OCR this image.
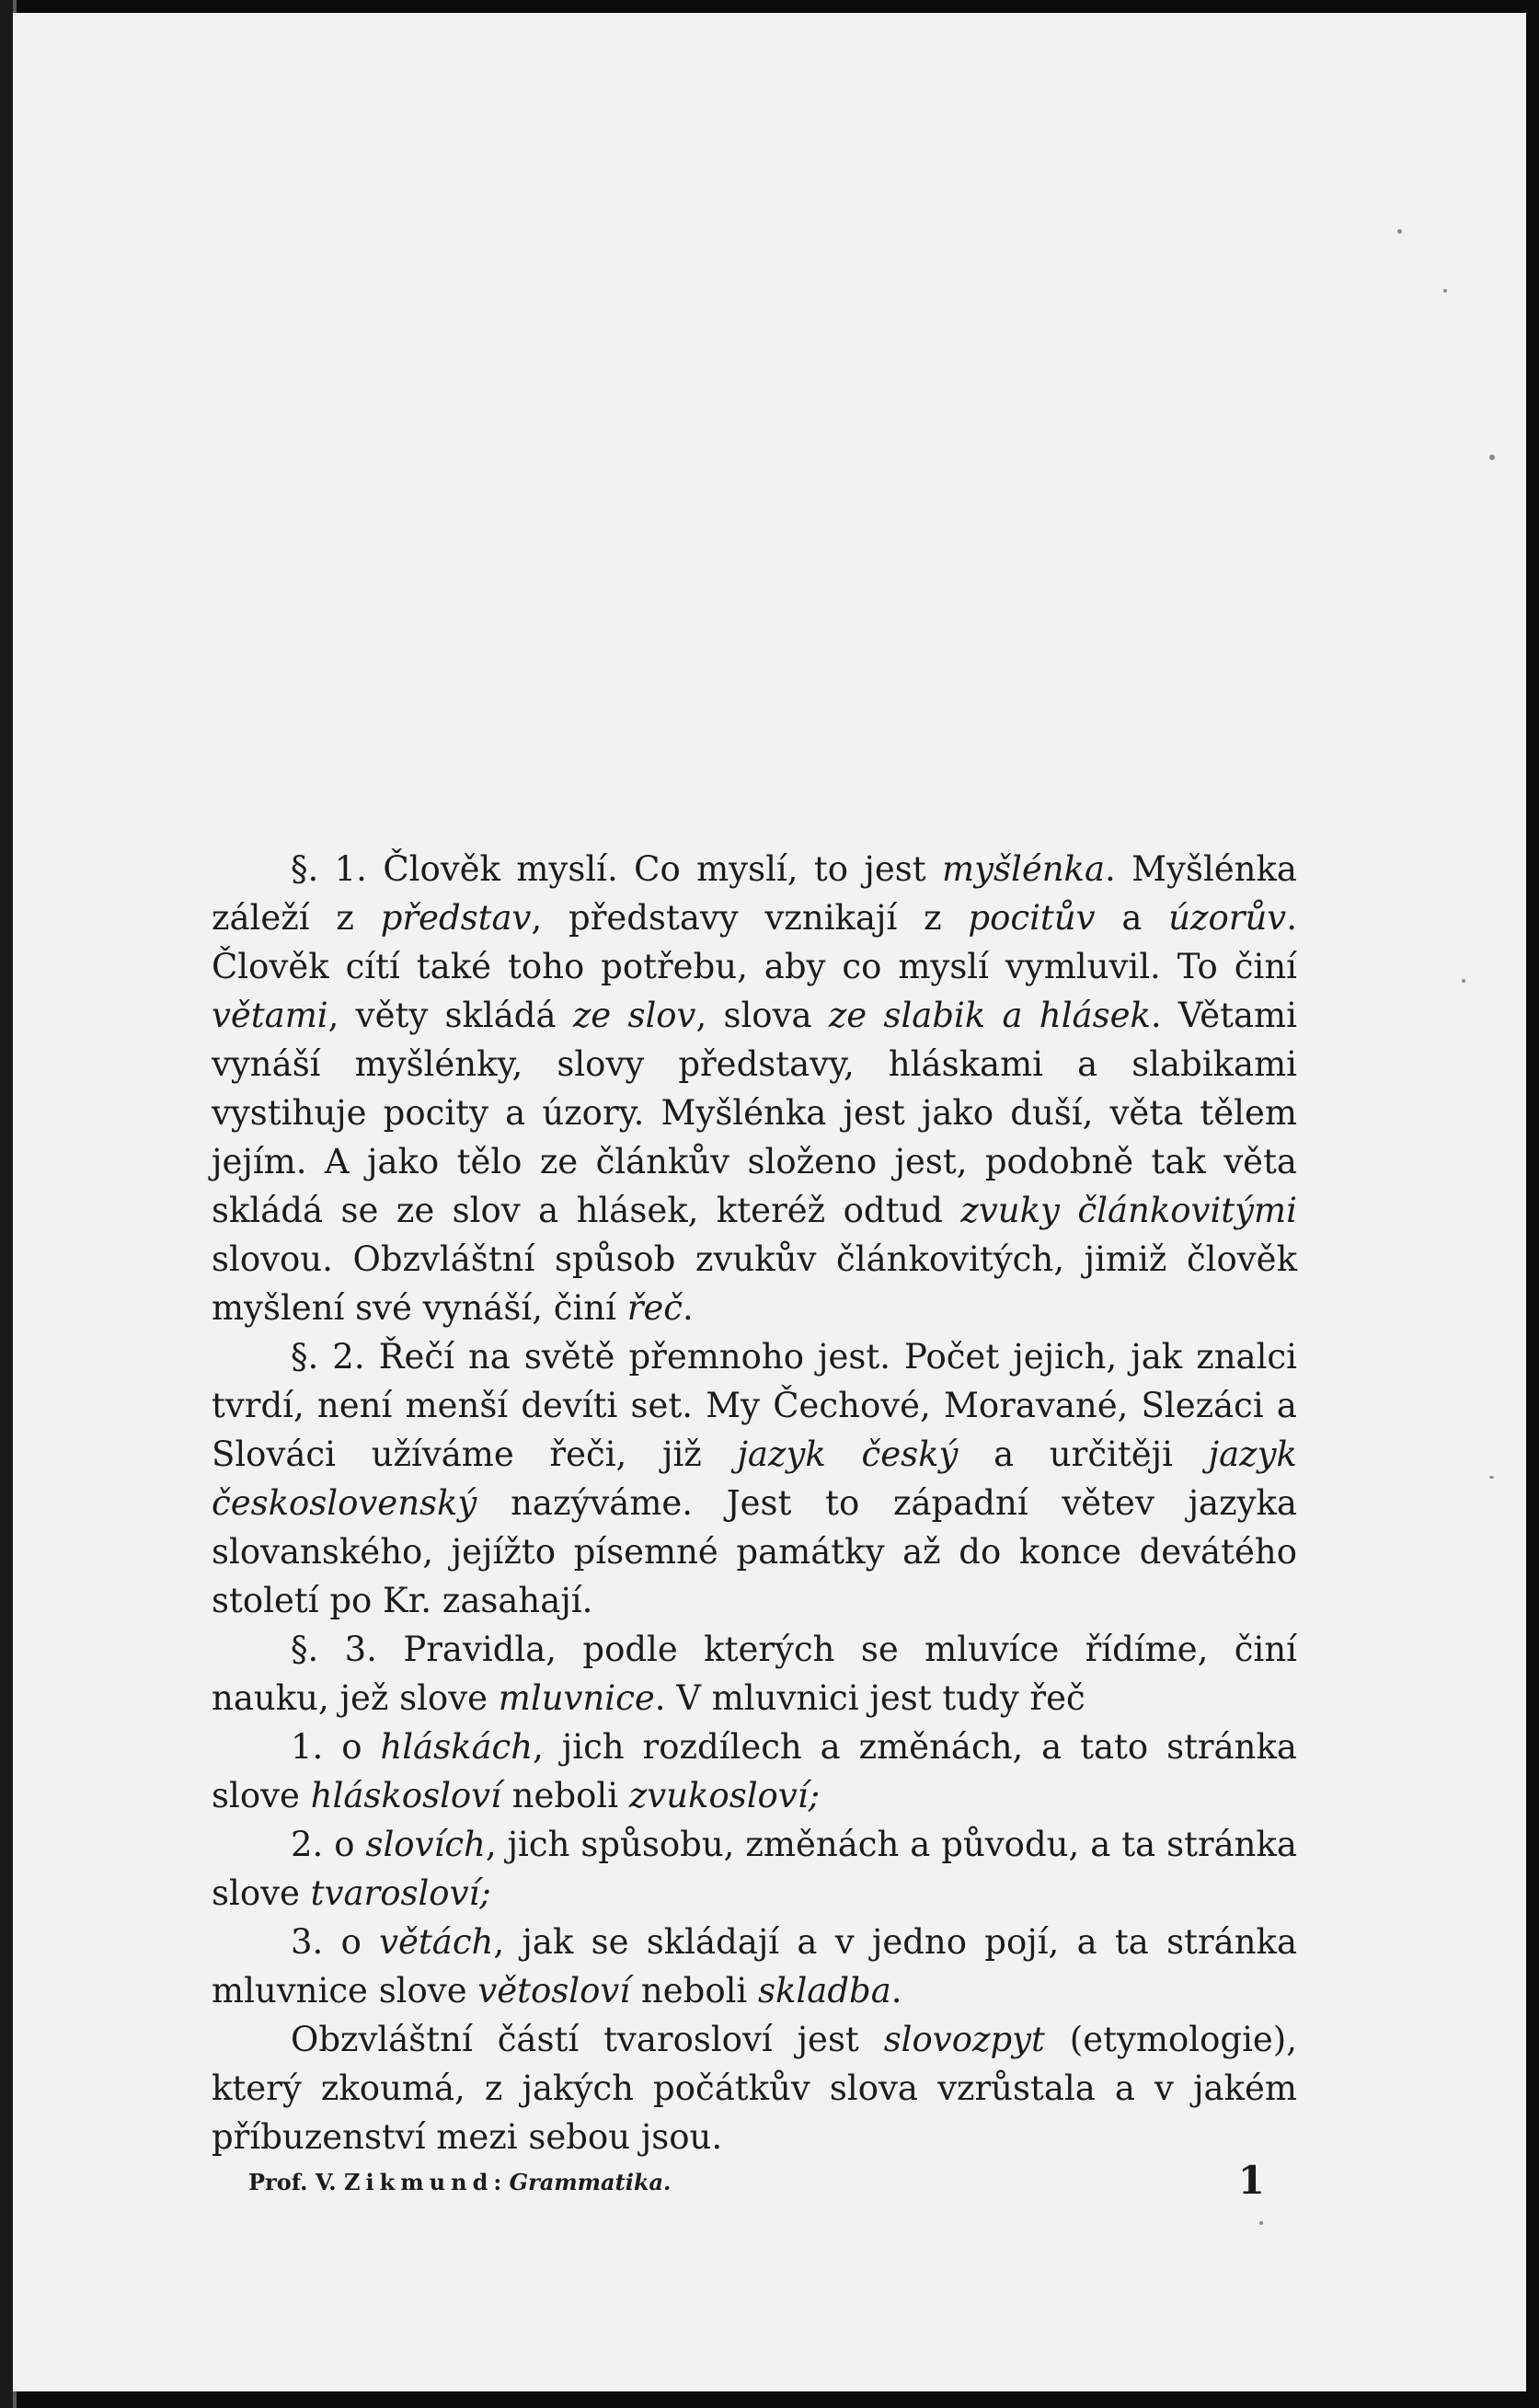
§. 1. Člověk myslí. Co myslí, to jest myšlénka. Myšlénka záleží z představ, představy vznikají z pocitův a úzorův. Člověk cítí také toho potřebu, aby co myslí vymluvil. To činí větami, věty skládá ze slov, slova ze slabik a hlásek. Větami vynáší myšlénky, slovy představy, hláskami a slabikami vystihuje pocity a úzory. Myšlénka jest jako duší, věta tělem jejím. A jako tělo ze článkův složeno jest, podobně tak věta skládá se ze slov a hlásek, kteréž odtud zvuky článkovitými slovou. Obzvláštní spůsob zvukův článkovitých, jimiž člověk myšlení své vynáší, činí řeč.

§. 2. Řečí na světě přemnoho jest. Počet jejich, jak znalci tvrdí, není menší devíti set. My Čechové, Moravané, Slezáci a Slováci užíváme řeči, již jazyk český a určitěji jazyk československý nazýváme. Jest to západní větev jazyka slovanského, jejížto písemné památky až do konce devátého století po Kr. zasahají.

§. 3. Pravidla, podle kterých se mluvíce řídíme, činí nauku, jež slove mluvnice. V mluvnici jest tudy řeč

1. o hláskách, jich rozdílech a změnách, a tato stránka slove hláskosloví neboli zvukosloví;

2. o slovích, jich spůsobu, změnách a původu, a ta stránka slove tvarosloví;

3. o větách, jak se skládají a v jedno pojí, a ta stránka mluvnice slove větosloví neboli skladba.

Obzvláštní částí tvarosloví jest slovozpyt (etymologie), který zkoumá, z jakých počátkův slova vzrůstala a v jakém příbuzenství mezi sebou jsou.

Prof. V. Zikmund: Grammatika.	1
